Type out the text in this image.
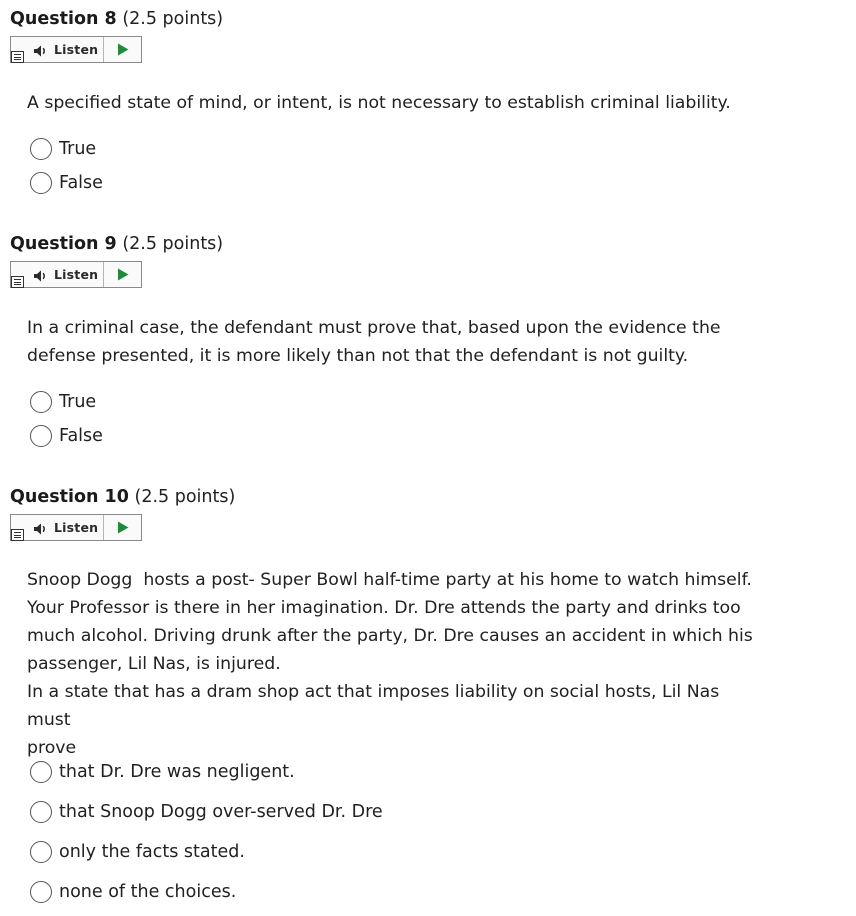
Question 8 (2.5 points)
Listen
A specified state of mind, or intent, is not necessary to establish criminal liability.
True
False
Question 9 (2.5 points)
Listen
In a criminal case, the defendant must prove that, based upon the evidence the
defense presented, it is more likely than not that the defendant is not guilty.
True
False
Question 10 (2.5 points)
Listen
Snoop Dogg  hosts a post- Super Bowl half-time party at his home to watch himself.
Your Professor is there in her imagination. Dr. Dre attends the party and drinks too
much alcohol. Driving drunk after the party, Dr. Dre causes an accident in which his
passenger, Lil Nas, is injured.
In a state that has a dram shop act that imposes liability on social hosts, Lil Nas must
prove
that Dr. Dre was negligent.
that Snoop Dogg over-served Dr. Dre
only the facts stated.
none of the choices.
